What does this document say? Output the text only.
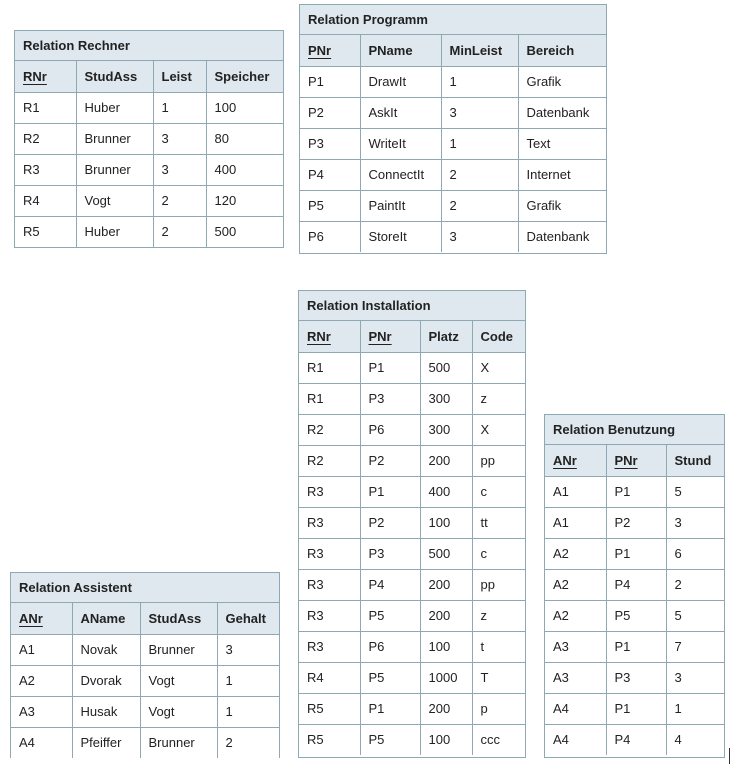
Relation Rechner
RNr	StudAss	Leist	Speicher
R1	Huber	1	100
R2	Brunner	3	80
R3	Brunner	3	400
R4	Vogt	2	120
R5	Huber	2	500
Relation Programm
PNr	PName	MinLeist	Bereich
P1	DrawIt	1	Grafik
P2	AskIt	3	Datenbank
P3	WriteIt	1	Text
P4	ConnectIt	2	Internet
P5	PaintIt	2	Grafik
P6	StoreIt	3	Datenbank
Relation Installation
RNr	PNr	Platz	Code
R1	P1	500	X
R1	P3	300	z
R2	P6	300	X
R2	P2	200	pp
R3	P1	400	c
R3	P2	100	tt
R3	P3	500	c
R3	P4	200	pp
R3	P5	200	z
R3	P6	100	t
R4	P5	1000	T
R5	P1	200	p
R5	P5	100	ccc
Relation Benutzung
ANr	PNr	Stund
A1	P1	5
A1	P2	3
A2	P1	6
A2	P4	2
A2	P5	5
A3	P1	7
A3	P3	3
A4	P1	1
A4	P4	4
Relation Assistent
ANr	AName	StudAss	Gehalt
A1	Novak	Brunner	3
A2	Dvorak	Vogt	1
A3	Husak	Vogt	1
A4	Pfeiffer	Brunner	2
